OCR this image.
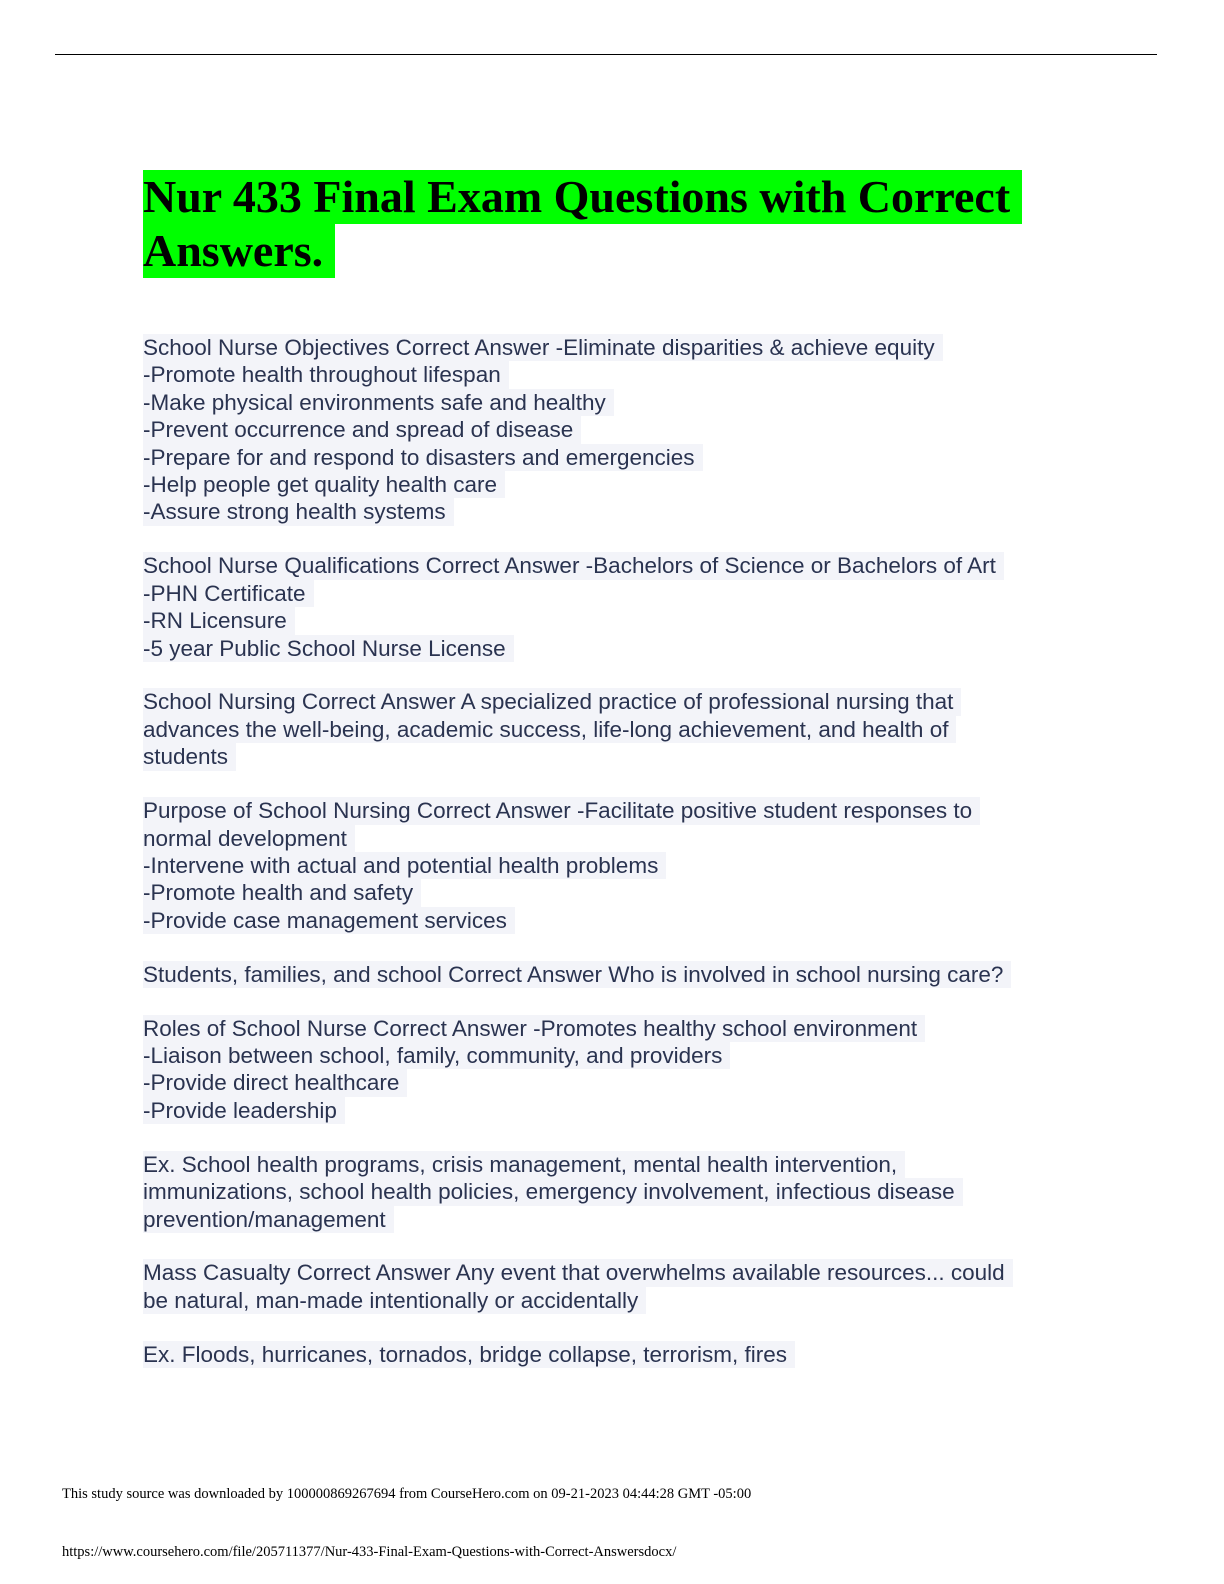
Nur 433 Final Exam Questions with Correct
Answers.
School Nurse Objectives Correct Answer -Eliminate disparities & achieve equity
-Promote health throughout lifespan
-Make physical environments safe and healthy
-Prevent occurrence and spread of disease
-Prepare for and respond to disasters and emergencies
-Help people get quality health care
-Assure strong health systems
School Nurse Qualifications Correct Answer -Bachelors of Science or Bachelors of Art
-PHN Certificate
-RN Licensure
-5 year Public School Nurse License
School Nursing Correct Answer A specialized practice of professional nursing that
advances the well-being, academic success, life-long achievement, and health of
students
Purpose of School Nursing Correct Answer -Facilitate positive student responses to
normal development
-Intervene with actual and potential health problems
-Promote health and safety
-Provide case management services
Students, families, and school Correct Answer Who is involved in school nursing care?
Roles of School Nurse Correct Answer -Promotes healthy school environment
-Liaison between school, family, community, and providers
-Provide direct healthcare
-Provide leadership
Ex. School health programs, crisis management, mental health intervention,
immunizations, school health policies, emergency involvement, infectious disease
prevention/management
Mass Casualty Correct Answer Any event that overwhelms available resources... could
be natural, man-made intentionally or accidentally
Ex. Floods, hurricanes, tornados, bridge collapse, terrorism, fires
This study source was downloaded by 100000869267694 from CourseHero.com on 09-21-2023 04:44:28 GMT -05:00
https://www.coursehero.com/file/205711377/Nur-433-Final-Exam-Questions-with-Correct-Answersdocx/
